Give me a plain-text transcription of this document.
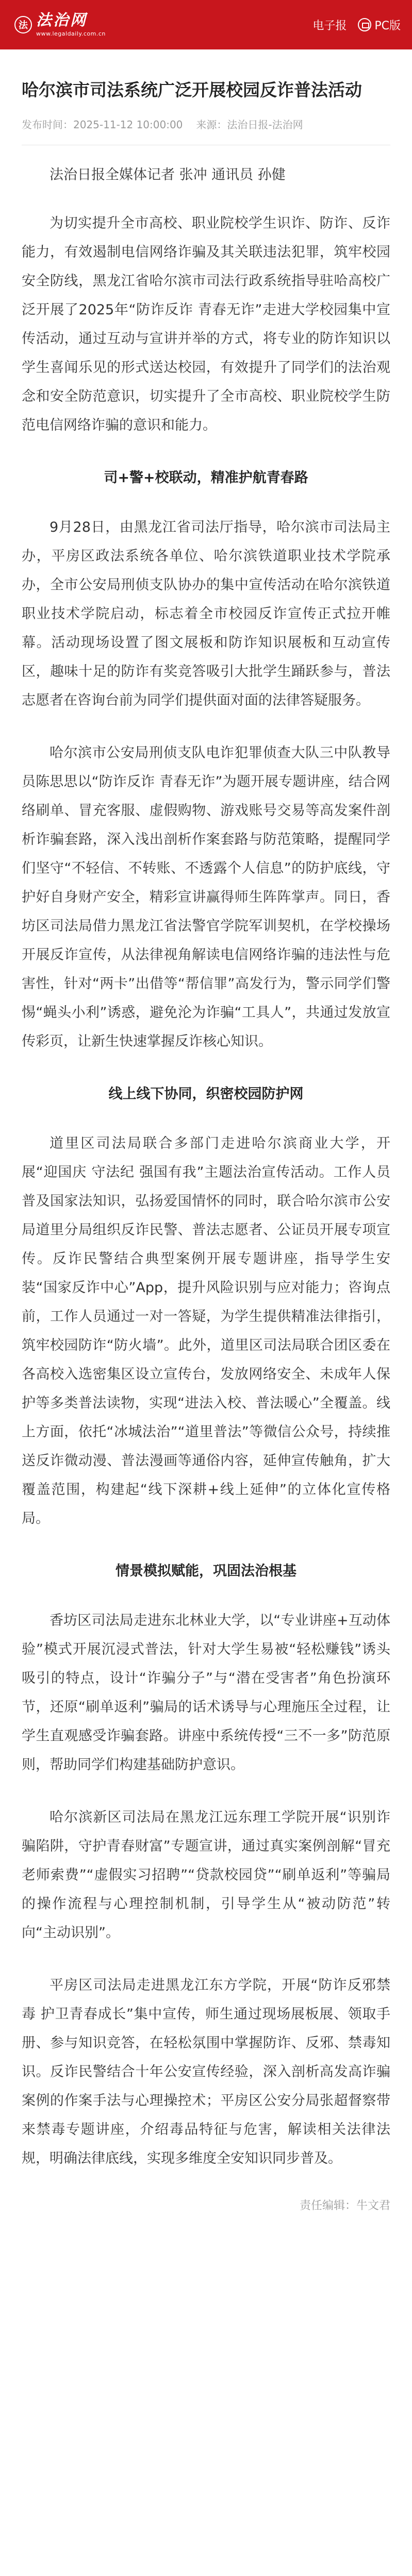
法 法治网
www.legaldaily.com.cn
电子报 PC版
哈尔滨市司法系统广泛开展校园反诈普法活动
发布时间：2025-11-12 10:00:00 来源：法治日报-法治网

法治日报全媒体记者 张冲 通讯员 孙健

为切实提升全市高校、职业院校学生识诈、防诈、反诈能力，有效遏制电信网络诈骗及其关联违法犯罪，筑牢校园安全防线，黑龙江省哈尔滨市司法行政系统指导驻哈高校广泛开展了2025年“防诈反诈 青春无诈”走进大学校园集中宣传活动，通过互动与宣讲并举的方式，将专业的防诈知识以学生喜闻乐见的形式送达校园，有效提升了同学们的法治观念和安全防范意识，切实提升了全市高校、职业院校学生防范电信网络诈骗的意识和能力。

司+警+校联动，精准护航青春路

9月28日，由黑龙江省司法厅指导，哈尔滨市司法局主办，平房区政法系统各单位、哈尔滨铁道职业技术学院承办，全市公安局刑侦支队协办的集中宣传活动在哈尔滨铁道职业技术学院启动，标志着全市校园反诈宣传正式拉开帷幕。活动现场设置了图文展板和防诈知识展板和互动宣传区，趣味十足的防诈有奖竞答吸引大批学生踊跃参与，普法志愿者在咨询台前为同学们提供面对面的法律答疑服务。

哈尔滨市公安局刑侦支队电诈犯罪侦查大队三中队教导员陈思思以“防诈反诈 青春无诈”为题开展专题讲座，结合网络刷单、冒充客服、虚假购物、游戏账号交易等高发案件剖析诈骗套路，深入浅出剖析作案套路与防范策略，提醒同学们坚守“不轻信、不转账、不透露个人信息”的防护底线，守护好自身财产安全，精彩宣讲赢得师生阵阵掌声。同日，香坊区司法局借力黑龙江省法警官学院军训契机，在学校操场开展反诈宣传，从法律视角解读电信网络诈骗的违法性与危害性，针对“两卡”出借等“帮信罪”高发行为，警示同学们警惕“蝇头小利”诱惑，避免沦为诈骗“工具人”，共通过发放宣传彩页，让新生快速掌握反诈核心知识。

线上线下协同，织密校园防护网

道里区司法局联合多部门走进哈尔滨商业大学，开展“迎国庆 守法纪 强国有我”主题法治宣传活动。工作人员普及国家法知识，弘扬爱国情怀的同时，联合哈尔滨市公安局道里分局组织反诈民警、普法志愿者、公证员开展专项宣传。反诈民警结合典型案例开展专题讲座，指导学生安装“国家反诈中心”App，提升风险识别与应对能力；咨询点前，工作人员通过一对一答疑，为学生提供精准法律指引，筑牢校园防诈“防火墙”。此外，道里区司法局联合团区委在各高校入选密集区设立宣传台，发放网络安全、未成年人保护等多类普法读物，实现“进法入校、普法暖心”全覆盖。线上方面，依托“冰城法治”“道里普法”等微信公众号，持续推送反诈微动漫、普法漫画等通俗内容，延伸宣传触角，扩大覆盖范围，构建起“线下深耕+线上延伸”的立体化宣传格局。

情景模拟赋能，巩固法治根基

香坊区司法局走进东北林业大学，以“专业讲座+互动体验”模式开展沉浸式普法，针对大学生易被“轻松赚钱”诱头吸引的特点，设计“诈骗分子”与“潜在受害者”角色扮演环节，还原“刷单返利”骗局的话术诱导与心理施压全过程，让学生直观感受诈骗套路。讲座中系统传授“三不一多”防范原则，帮助同学们构建基础防护意识。

哈尔滨新区司法局在黑龙江远东理工学院开展“识别诈骗陷阱，守护青春财富”专题宣讲，通过真实案例剖解“冒充老师索费”“虚假实习招聘”“贷款校园贷”“刷单返利”等骗局的操作流程与心理控制机制，引导学生从“被动防范”转向“主动识别”。

平房区司法局走进黑龙江东方学院，开展“防诈反邪禁毒 护卫青春成长”集中宣传，师生通过现场展板展、领取手册、参与知识竞答，在轻松氛围中掌握防诈、反邪、禁毒知识。反诈民警结合十年公安宣传经验，深入剖析高发高诈骗案例的作案手法与心理操控术；平房区公安分局张超督察带来禁毒专题讲座，介绍毒品特征与危害，解读相关法律法规，明确法律底线，实现多维度全安知识同步普及。

责任编辑：牛文君
